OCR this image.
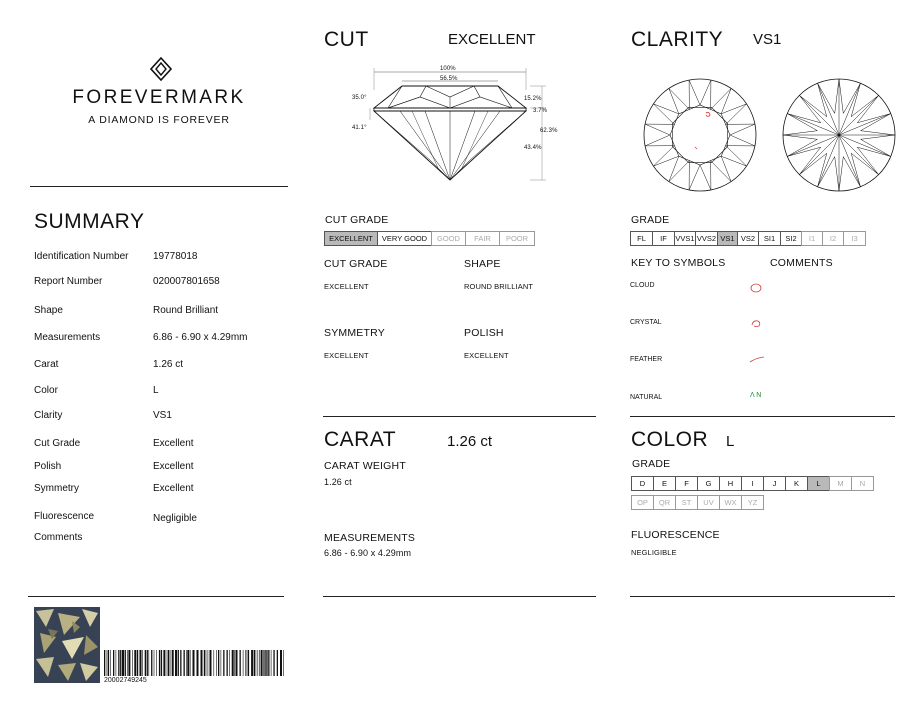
FOREVERMARK
A DIAMOND IS FOREVER
SUMMARY
Identification Number 19778018
Report Number	020007801658
Shape	Round Brilliant
Measurements	6.86 - 6.90 x 4.29mm
Carat	1.26 ct
Color	L
Clarity	VS1
Cut Grade	Excellent
Polish	Excellent
Symmetry	Excellent
Fluorescence	Negligible
Comments
CUT	EXCELLENT
100%
56.5%
35.0°
41.1°
15.2%
3.7%
62.3%
43.4%
CUT GRADE
EXCELLENT	VERY GOOD	GOOD	FAIR	POOR
CUT GRADE
EXCELLENT
SHAPE
ROUND BRILLIANT
SYMMETRY
EXCELLENT
POLISH
EXCELLENT
CARAT	1.26 ct
CARAT WEIGHT
1.26 ct
MEASUREMENTS
6.86 - 6.90 x 4.29mm
CLARITY VS1
GRADE
FL	IF	VVS1 VVS2 VS1 VS2	SI1	SI2	I1	I2	I3
KEY TO SYMBOLS	COMMENTS
CLOUD
CRYSTAL
FEATHER
NATURAL	Λ N
COLOR L
GRADE
D	E	F	G	H	I	J	K	L	M	N
OP	QR	ST	UV	WX	YZ
FLUORESCENCE
NEGLIGIBLE
20002749245
